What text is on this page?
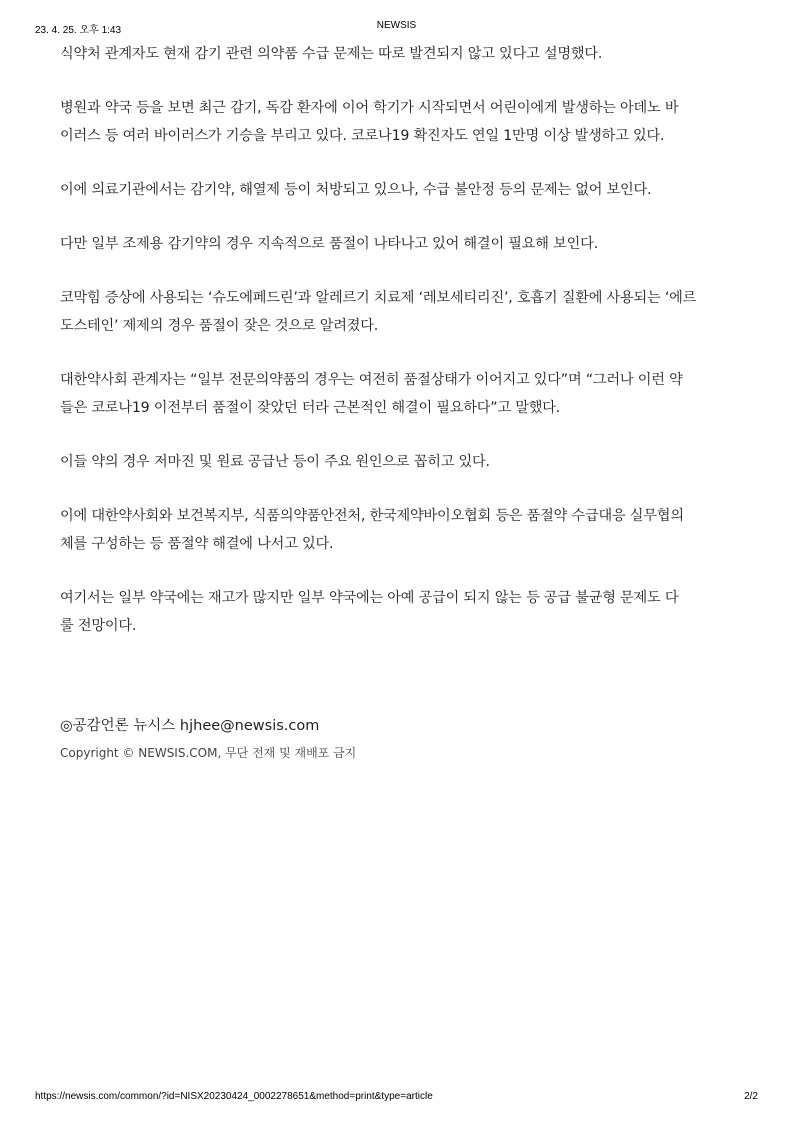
23. 4. 25. 오후 1:43	NEWSIS

식약처 관계자도 현재 감기 관련 의약품 수급 문제는 따로 발견되지 않고 있다고 설명했다.

병원과 약국 등을 보면 최근 감기, 독감 환자에 이어 학기가 시작되면서 어린이에게 발생하는 아데노 바
이러스 등 여러 바이러스가 기승을 부리고 있다. 코로나19 확진자도 연일 1만명 이상 발생하고 있다.

이에 의료기관에서는 감기약, 해열제 등이 처방되고 있으나, 수급 불안정 등의 문제는 없어 보인다.

다만 일부 조제용 감기약의 경우 지속적으로 품절이 나타나고 있어 해결이 필요해 보인다.

코막힘 증상에 사용되는 ‘슈도에페드린’과 알레르기 치료제 ‘레보세티리진’, 호흡기 질환에 사용되는 ‘에르
도스테인’ 제제의 경우 품절이 잦은 것으로 알려졌다.

대한약사회 관계자는 “일부 전문의약품의 경우는 여전히 품절상태가 이어지고 있다”며 “그러나 이런 약
들은 코로나19 이전부터 품절이 잦았던 터라 근본적인 해결이 필요하다”고 말했다.

이들 약의 경우 저마진 및 원료 공급난 등이 주요 원인으로 꼽히고 있다.

이에 대한약사회와 보건복지부, 식품의약품안전처, 한국제약바이오협회 등은 품절약 수급대응 실무협의
체를 구성하는 등 품절약 해결에 나서고 있다.

여기서는 일부 약국에는 재고가 많지만 일부 약국에는 아예 공급이 되지 않는 등 공급 불균형 문제도 다
룰 전망이다.

◎공감언론 뉴시스 hjhee@newsis.com
Copyright © NEWSIS.COM, 무단 전재 및 재배포 금지
https://newsis.com/common/?id=NISX20230424_0002278651&method=print&type=article	2/2
